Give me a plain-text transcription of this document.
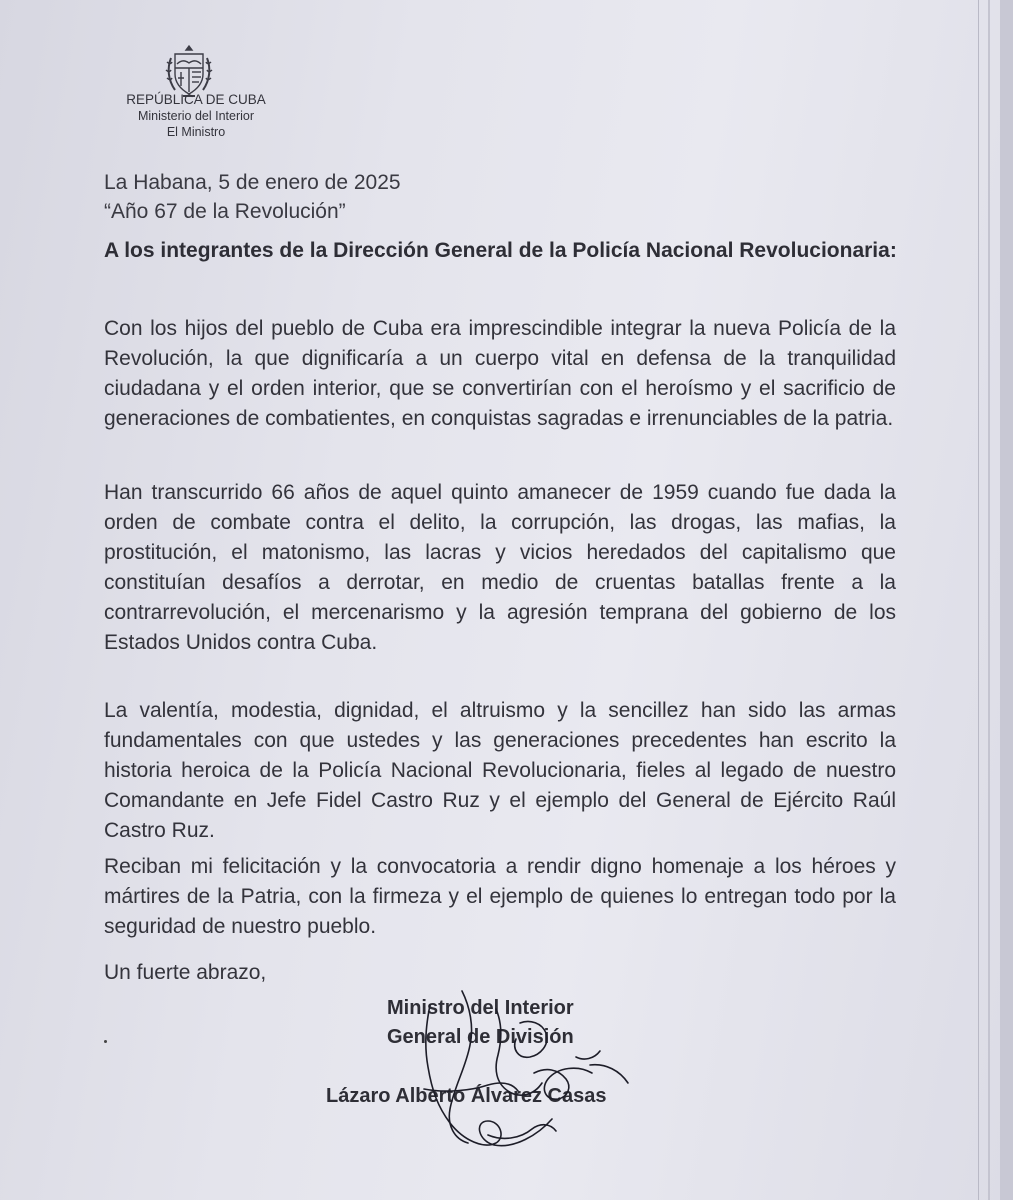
REPÚBLICA DE CUBA
Ministerio del Interior
El Ministro
La Habana, 5 de enero de 2025
“Año 67 de la Revolución”
A los integrantes de la Dirección General de la Policía Nacional Revolucionaria:
Con los hijos del pueblo de Cuba era imprescindible integrar la nueva Policía de la Revolución, la que dignificaría a un cuerpo vital en defensa de la tranquilidad ciudadana y el orden interior, que se convertirían con el heroísmo y el sacrificio de generaciones de combatientes, en conquistas sagradas e irrenunciables de la patria.
Han transcurrido 66 años de aquel quinto amanecer de 1959 cuando fue dada la orden de combate contra el delito, la corrupción, las drogas, las mafias, la prostitución, el matonismo, las lacras y vicios heredados del capitalismo que constituían desafíos a derrotar, en medio de cruentas batallas frente a la contrarrevolución, el mercenarismo y la agresión temprana del gobierno de los Estados Unidos contra Cuba.
La valentía, modestia, dignidad, el altruismo y la sencillez han sido las armas fundamentales con que ustedes y las generaciones precedentes han escrito la historia heroica de la Policía Nacional Revolucionaria, fieles al legado de nuestro Comandante en Jefe Fidel Castro Ruz y el ejemplo del General de Ejército Raúl Castro Ruz.
Reciban mi felicitación y la convocatoria a rendir digno homenaje a los héroes y mártires de la Patria, con la firmeza y el ejemplo de quienes lo entregan todo por la seguridad de nuestro pueblo.
Un fuerte abrazo,
Ministro del Interior
General de División
Lázaro Alberto Álvarez Casas
